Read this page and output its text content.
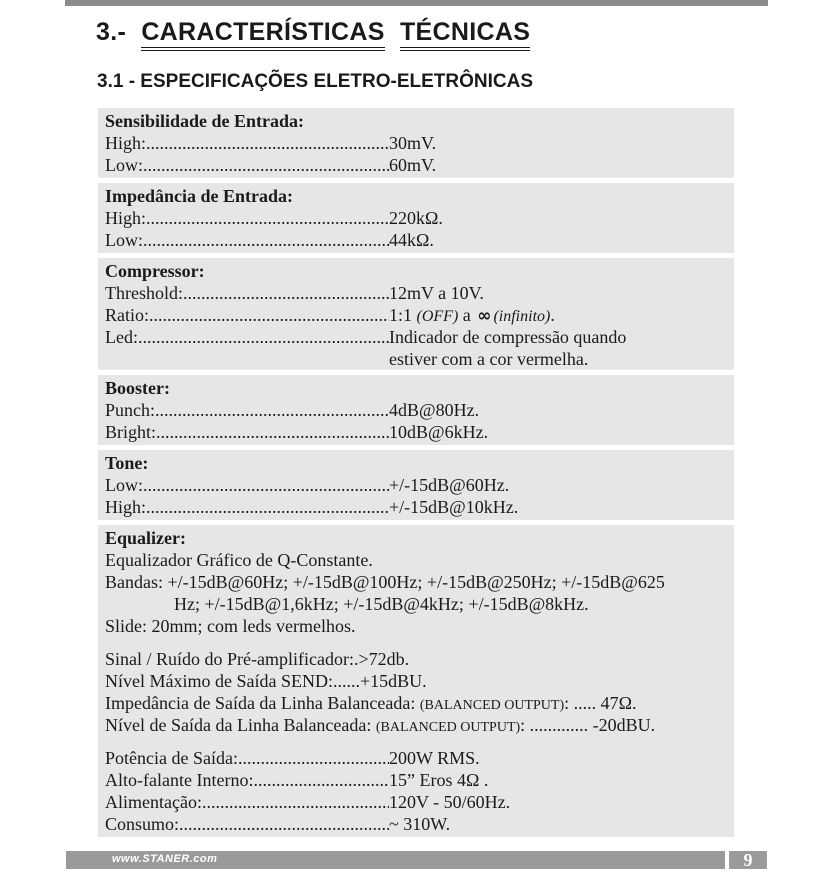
3.- CARACTERÍSTICAS TÉCNICAS
3.1 - ESPECIFICAÇÕES ELETRO-ELETRÔNICAS
Sensibilidade de Entrada:
High: .....	30mV.
Low: .....	60mV.
Impedância de Entrada:
High: .....	220kΩ.
Low: .....	44kΩ.
Compressor:
Threshold: .....	12mV a 10V.
Ratio: .....	1:1 (OFF) a ∞ (infinito).
Led: .....	Indicador de compressão quando
estiver com a cor vermelha.
Booster:
Punch: .....	4dB@80Hz.
Bright: .....	10dB@6kHz.
Tone:
Low: .....	+/-15dB@60Hz.
High: .....	+/-15dB@10kHz.
Equalizer:
Equalizador Gráfico de Q-Constante.
Bandas: +/-15dB@60Hz; +/-15dB@100Hz; +/-15dB@250Hz; +/-15dB@625
Hz; +/-15dB@1,6kHz; +/-15dB@4kHz; +/-15dB@8kHz.
Slide: 20mm; com leds vermelhos.
Sinal / Ruído do Pré-amplificador:.>72db.
Nível Máximo de Saída SEND:......+15dBU.
Impedância de Saída da Linha Balanceada: (BALANCED OUTPUT): ..... 47Ω.
Nível de Saída da Linha Balanceada: (BALANCED OUTPUT): ............. -20dBU.
Potência de Saída: .....	200W RMS.
Alto-falante Interno: .....	15” Eros 4Ω .
Alimentação: .....	120V - 50/60Hz.
Consumo: .....	~ 310W.
www.STANER.com	9
